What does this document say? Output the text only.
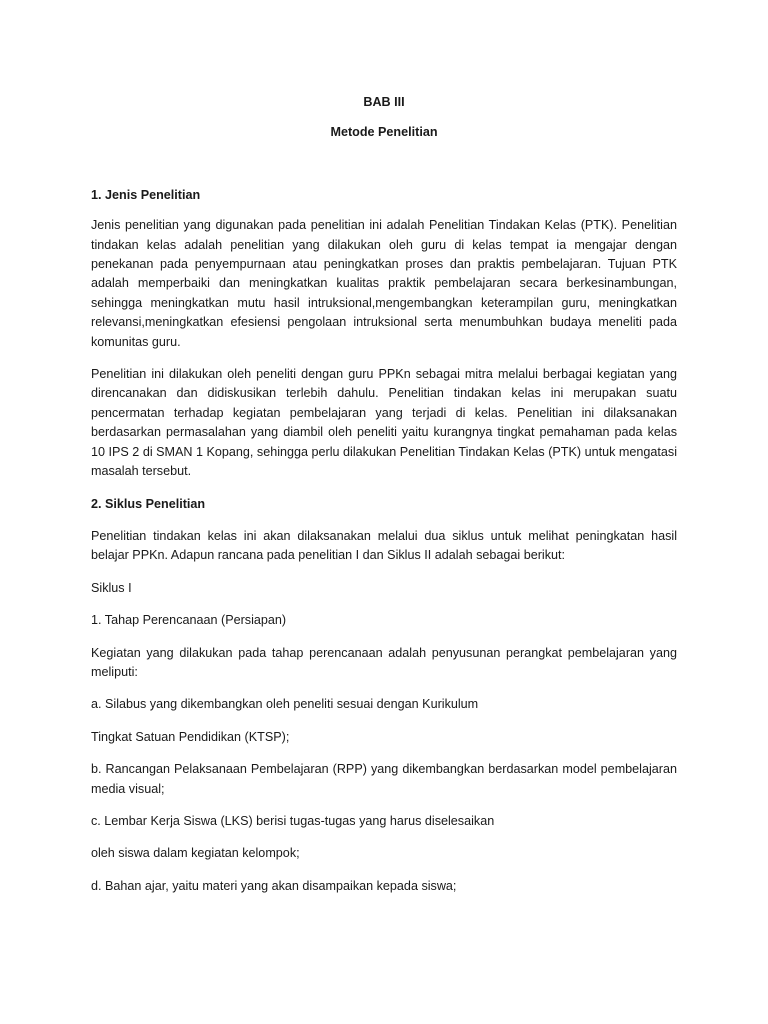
BAB III

Metode Penelitian

1. Jenis Penelitian

Jenis penelitian yang digunakan pada penelitian ini adalah Penelitian Tindakan Kelas (PTK). Penelitian tindakan kelas adalah penelitian yang dilakukan oleh guru di kelas tempat ia mengajar dengan penekanan pada penyempurnaan atau peningkatkan proses dan praktis pembelajaran. Tujuan PTK adalah memperbaiki dan meningkatkan kualitas praktik pembelajaran secara berkesinambungan, sehingga meningkatkan mutu hasil intruksional,mengembangkan keterampilan guru, meningkatkan relevansi,meningkatkan efesiensi pengolaan intruksional serta menumbuhkan budaya meneliti pada komunitas guru.

Penelitian ini dilakukan oleh peneliti dengan guru PPKn sebagai mitra melalui berbagai kegiatan yang direncanakan dan didiskusikan terlebih dahulu. Penelitian tindakan kelas ini merupakan suatu pencermatan terhadap kegiatan pembelajaran yang terjadi di kelas. Penelitian ini dilaksanakan berdasarkan permasalahan yang diambil oleh peneliti yaitu kurangnya tingkat pemahaman pada kelas 10 IPS 2 di SMAN 1 Kopang, sehingga perlu dilakukan Penelitian Tindakan Kelas (PTK) untuk mengatasi masalah tersebut.

2. Siklus Penelitian

Penelitian tindakan kelas ini akan dilaksanakan melalui dua siklus untuk melihat peningkatan hasil belajar PPKn. Adapun rancana pada penelitian I dan Siklus II adalah sebagai berikut:

Siklus I

1. Tahap Perencanaan (Persiapan)

Kegiatan yang dilakukan pada tahap perencanaan adalah penyusunan perangkat pembelajaran yang meliputi:

a. Silabus yang dikembangkan oleh peneliti sesuai dengan Kurikulum

Tingkat Satuan Pendidikan (KTSP);

b. Rancangan Pelaksanaan Pembelajaran (RPP) yang dikembangkan berdasarkan model pembelajaran media visual;

c. Lembar Kerja Siswa (LKS) berisi tugas-tugas yang harus diselesaikan

oleh siswa dalam kegiatan kelompok;

d. Bahan ajar, yaitu materi yang akan disampaikan kepada siswa;
